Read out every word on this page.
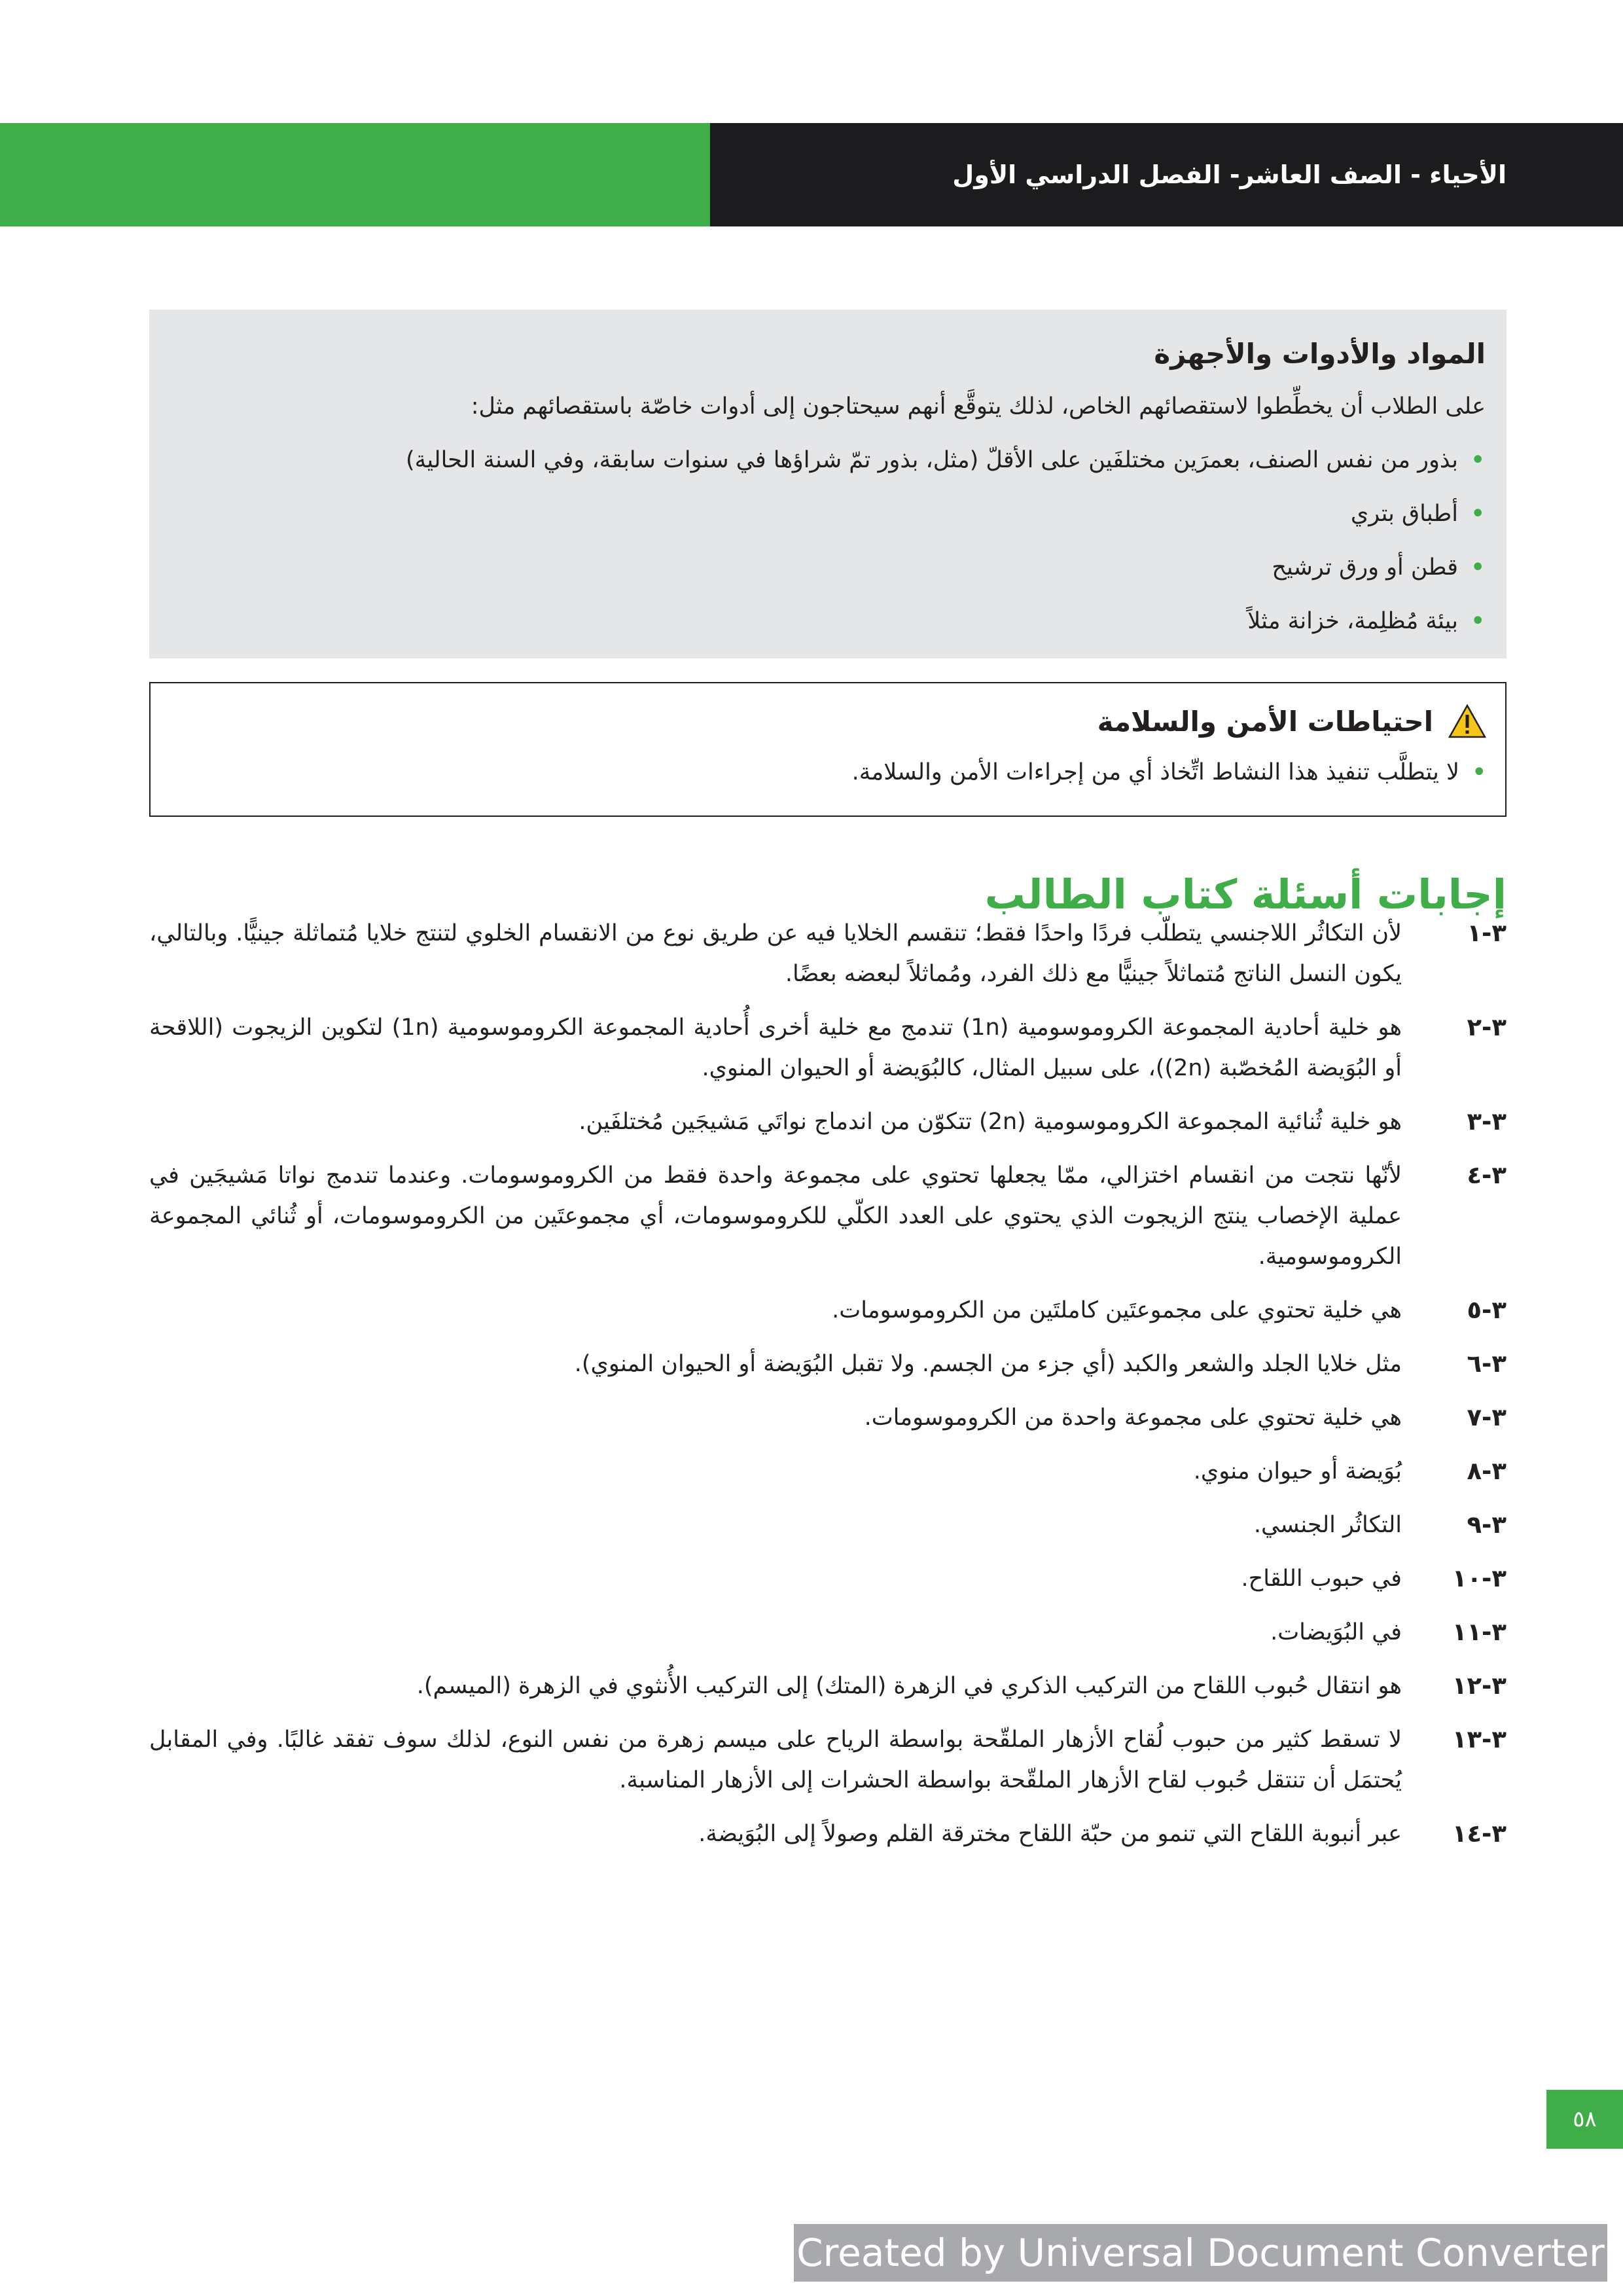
الأحياء - الصف العاشر- الفصل الدراسي الأول
المواد والأدوات والأجهزة

على الطلاب أن يخطِّطوا لاستقصائهم الخاص، لذلك يتوقَّع أنهم سيحتاجون إلى أدوات خاصّة باستقصائهم مثل:

• بذور من نفس الصنف، بعمرَين مختلفَين على الأقلّ (مثل، بذور تمّ شراؤها في سنوات سابقة، وفي السنة الحالية)
• أطباق بتري
• قطن أو ورق ترشيح
• بيئة مُظلِمة، خزانة مثلاً
احتياطات الأمن والسلامة
• لا يتطلَّب تنفيذ هذا النشاط اتِّخاذ أي من إجراءات الأمن والسلامة.
إجابات أسئلة كتاب الطالب
٣-١
لأن التكاثُر اللاجنسي يتطلّب فردًا واحدًا فقط؛ تنقسم الخلايا فيه عن طريق نوع من الانقسام الخلوي لتنتج خلايا مُتماثلة جينيًّا. وبالتالي، يكون النسل الناتج مُتماثلاً جينيًّا مع ذلك الفرد، ومُماثلاً لبعضه بعضًا.
٣-٢
هو خلية أحادية المجموعة الكروموسومية (1n) تندمج مع خلية أخرى أُحادية المجموعة الكروموسومية (1n) لتكوين الزيجوت (اللاقحة أو البُوَيضة المُخصّبة (2n))، على سبيل المثال، كالبُوَيضة أو الحيوان المنوي.
٣-٣
هو خلية ثُنائية المجموعة الكروموسومية (2n) تتكوّن من اندماج نواتَي مَشيجَين مُختلفَين.
٣-٤
لأنّها نتجت من انقسام اختزالي، ممّا يجعلها تحتوي على مجموعة واحدة فقط من الكروموسومات. وعندما تندمج نواتا مَشيجَين في عملية الإخصاب ينتج الزيجوت الذي يحتوي على العدد الكلّي للكروموسومات، أي مجموعتَين من الكروموسومات، أو ثُنائي المجموعة الكروموسومية.
٣-٥
هي خلية تحتوي على مجموعتَين كاملتَين من الكروموسومات.
٣-٦
مثل خلايا الجلد والشعر والكبد (أي جزء من الجسم. ولا تقبل البُوَيضة أو الحيوان المنوي).
٣-٧
هي خلية تحتوي على مجموعة واحدة من الكروموسومات.
٣-٨
بُوَيضة أو حيوان منوي.
٣-٩
التكاثُر الجنسي.
٣-١٠
في حبوب اللقاح.
٣-١١
في البُوَيضات.
٣-١٢
هو انتقال حُبوب اللقاح من التركيب الذكري في الزهرة (المتك) إلى التركيب الأُنثوي في الزهرة (الميسم).
٣-١٣
لا تسقط كثير من حبوب لُقاح الأزهار الملقّحة بواسطة الرياح على ميسم زهرة من نفس النوع، لذلك سوف تفقد غالبًا. وفي المقابل يُحتمَل أن تنتقل حُبوب لقاح الأزهار الملقّحة بواسطة الحشرات إلى الأزهار المناسبة.
٣-١٤
عبر أنبوبة اللقاح التي تنمو من حبّة اللقاح مخترقة القلم وصولاً إلى البُوَيضة.
٥٨
Created by Universal Document Converter
